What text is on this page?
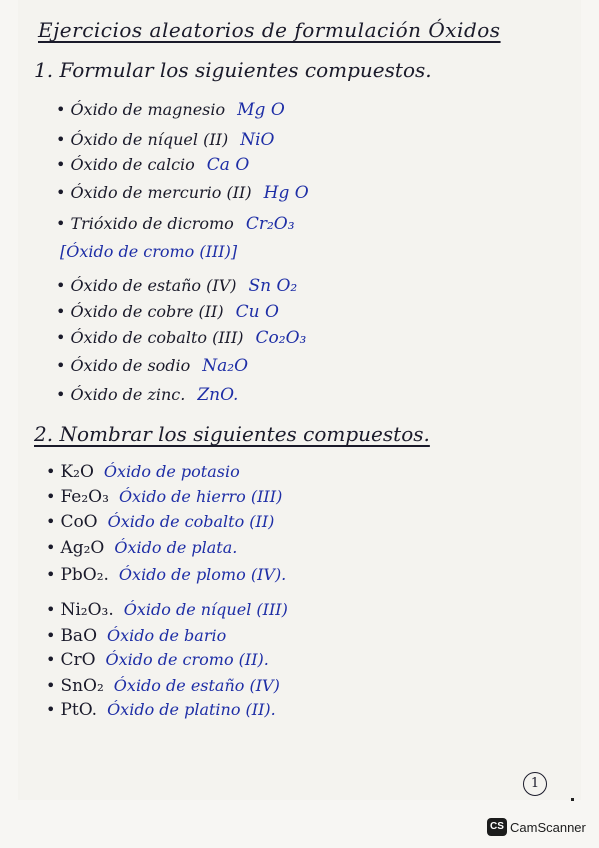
Ejercicios aleatorios de formulación Óxidos
1. Formular los siguientes compuestos.
• Óxido de magnesio Mg O
• Óxido de níquel (II) NiO
• Óxido de calcio Ca O
• Óxido de mercurio (II) Hg O
• Trióxido de dicromo Cr₂O₃
[Óxido de cromo (III)]
• Óxido de estaño (IV) Sn O₂
• Óxido de cobre (II) Cu O
• Óxido de cobalto (III) Co₂O₃
• Óxido de sodio Na₂O
• Óxido de zinc. ZnO.
2. Nombrar los siguientes compuestos.
• K₂O Óxido de potasio
• Fe₂O₃ Óxido de hierro (III)
• CoO Óxido de cobalto (II)
• Ag₂O Óxido de plata.
• PbO₂. Óxido de plomo (IV).
• Ni₂O₃. Óxido de níquel (III)
• BaO Óxido de bario
• CrO Óxido de cromo (II).
• SnO₂ Óxido de estaño (IV)
• PtO. Óxido de platino (II).
1
CS CamScanner
